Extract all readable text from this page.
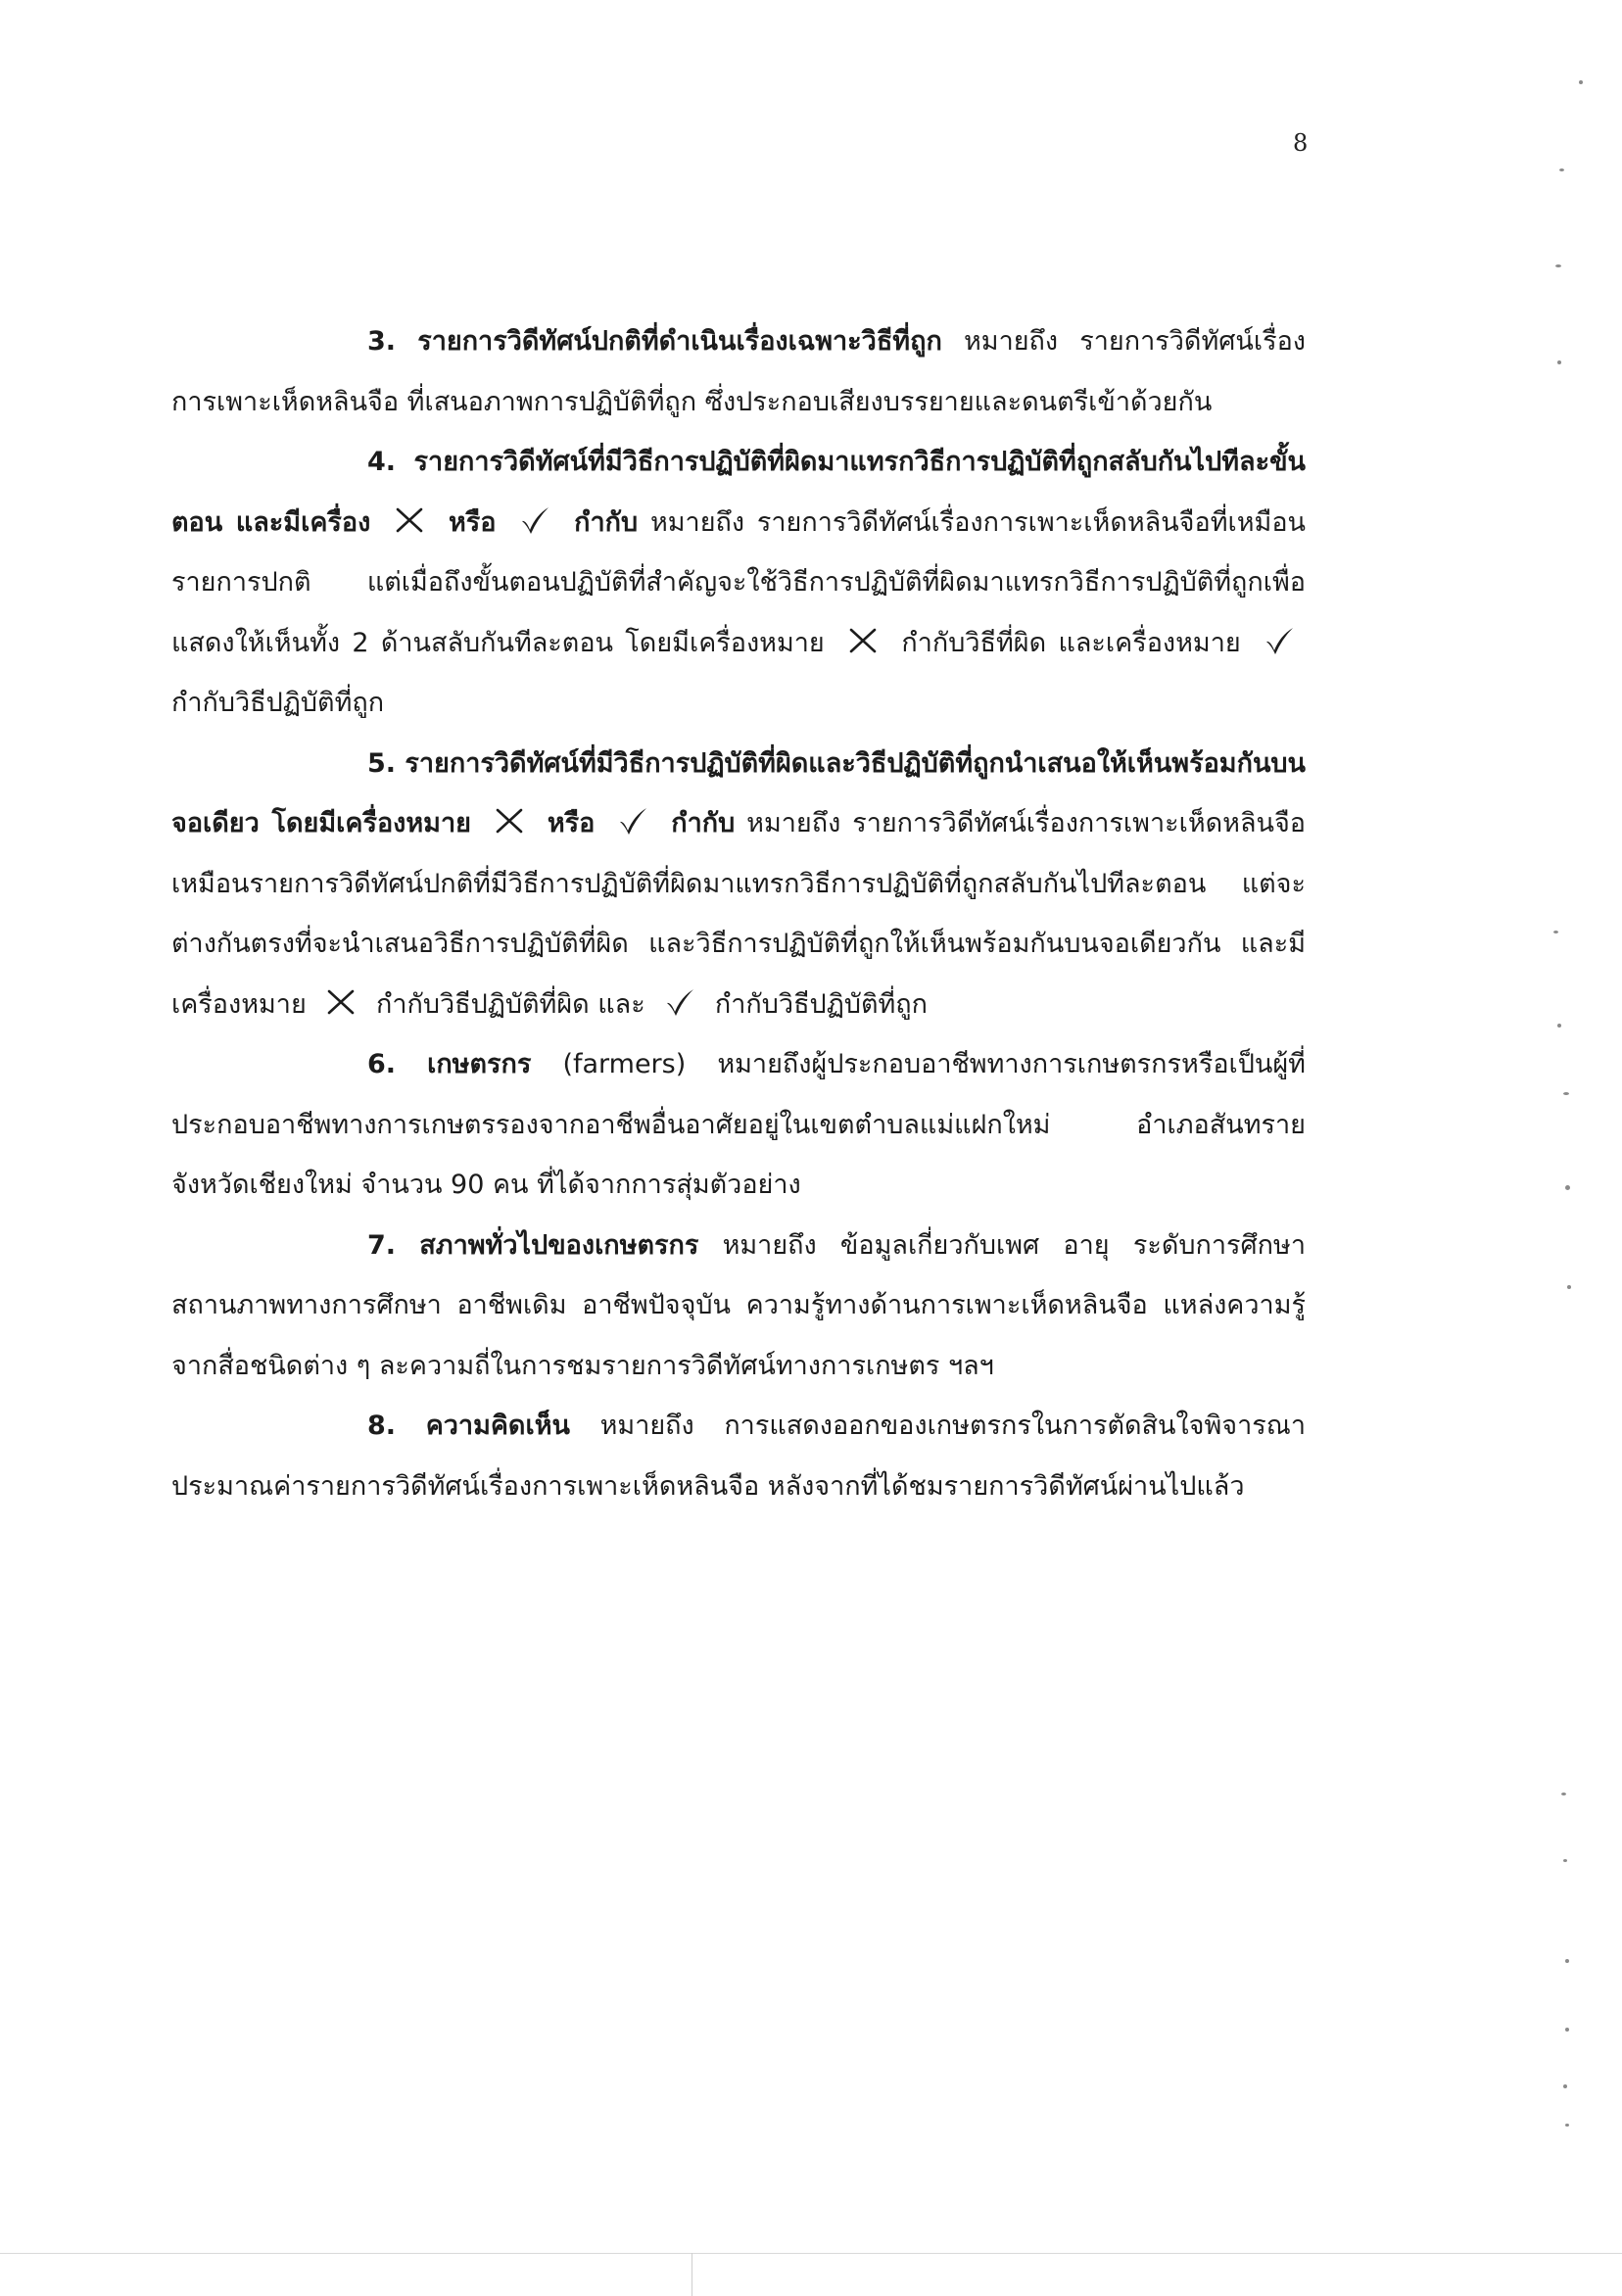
8

3. รายการวิดีทัศน์ปกติที่ดำเนินเรื่องเฉพาะวิธีที่ถูก หมายถึง รายการวิดีทัศน์เรื่องการเพาะเห็ดหลินจือ ที่เสนอภาพการปฏิบัติที่ถูก ซึ่งประกอบเสียงบรรยายและดนตรีเข้าด้วยกัน

4. รายการวิดีทัศน์ที่มีวิธีการปฏิบัติที่ผิดมาแทรกวิธีการปฏิบัติที่ถูกสลับกันไปทีละขั้นตอน และมีเครื่อง	หรือ	กำกับ หมายถึง รายการวิดีทัศน์เรื่องการเพาะเห็ดหลินจือที่เหมือนรายการปกติ แต่เมื่อถึงขั้นตอนปฏิบัติที่สำคัญจะใช้วิธีการปฏิบัติที่ผิดมาแทรกวิธีการปฏิบัติที่ถูกเพื่อแสดงให้เห็นทั้ง 2 ด้านสลับกันทีละตอน โดยมีเครื่องหมาย	กำกับวิธีที่ผิด และเครื่องหมาย
กำกับวิธีปฏิบัติที่ถูก

5. รายการวิดีทัศน์ที่มีวิธีการปฏิบัติที่ผิดและวิธีปฏิบัติที่ถูกนำเสนอให้เห็นพร้อมกันบนจอเดียว โดยมีเครื่องหมาย	หรือ	กำกับ หมายถึง รายการวิดีทัศน์เรื่องการเพาะเห็ดหลินจือเหมือนรายการวิดีทัศน์ปกติที่มีวิธีการปฏิบัติที่ผิดมาแทรกวิธีการปฏิบัติที่ถูกสลับกันไปทีละตอน แต่จะต่างกันตรงที่จะนำเสนอวิธีการปฏิบัติที่ผิด และวิธีการปฏิบัติที่ถูกให้เห็นพร้อมกันบนจอเดียวกัน และมีเครื่องหมาย	กำกับวิธีปฏิบัติที่ผิด และ	กำกับวิธีปฏิบัติที่ถูก

6. เกษตรกร (farmers) หมายถึงผู้ประกอบอาชีพทางการเกษตรกรหรือเป็นผู้ที่ประกอบอาชีพทางการเกษตรรองจากอาชีพอื่นอาศัยอยู่ในเขตตำบลแม่แฝกใหม่ อำเภอสันทราย จังหวัดเชียงใหม่ จำนวน 90 คน ที่ได้จากการสุ่มตัวอย่าง

7. สภาพทั่วไปของเกษตรกร หมายถึง ข้อมูลเกี่ยวกับเพศ อายุ ระดับการศึกษา สถานภาพทางการศึกษา อาชีพเดิม อาชีพปัจจุบัน ความรู้ทางด้านการเพาะเห็ดหลินจือ แหล่งความรู้จากสื่อชนิดต่าง ๆ ละความถี่ในการชมรายการวิดีทัศน์ทางการเกษตร ฯลฯ

8. ความคิดเห็น หมายถึง การแสดงออกของเกษตรกรในการตัดสินใจพิจารณาประมาณค่ารายการวิดีทัศน์เรื่องการเพาะเห็ดหลินจือ หลังจากที่ได้ชมรายการวิดีทัศน์ผ่านไปแล้ว
